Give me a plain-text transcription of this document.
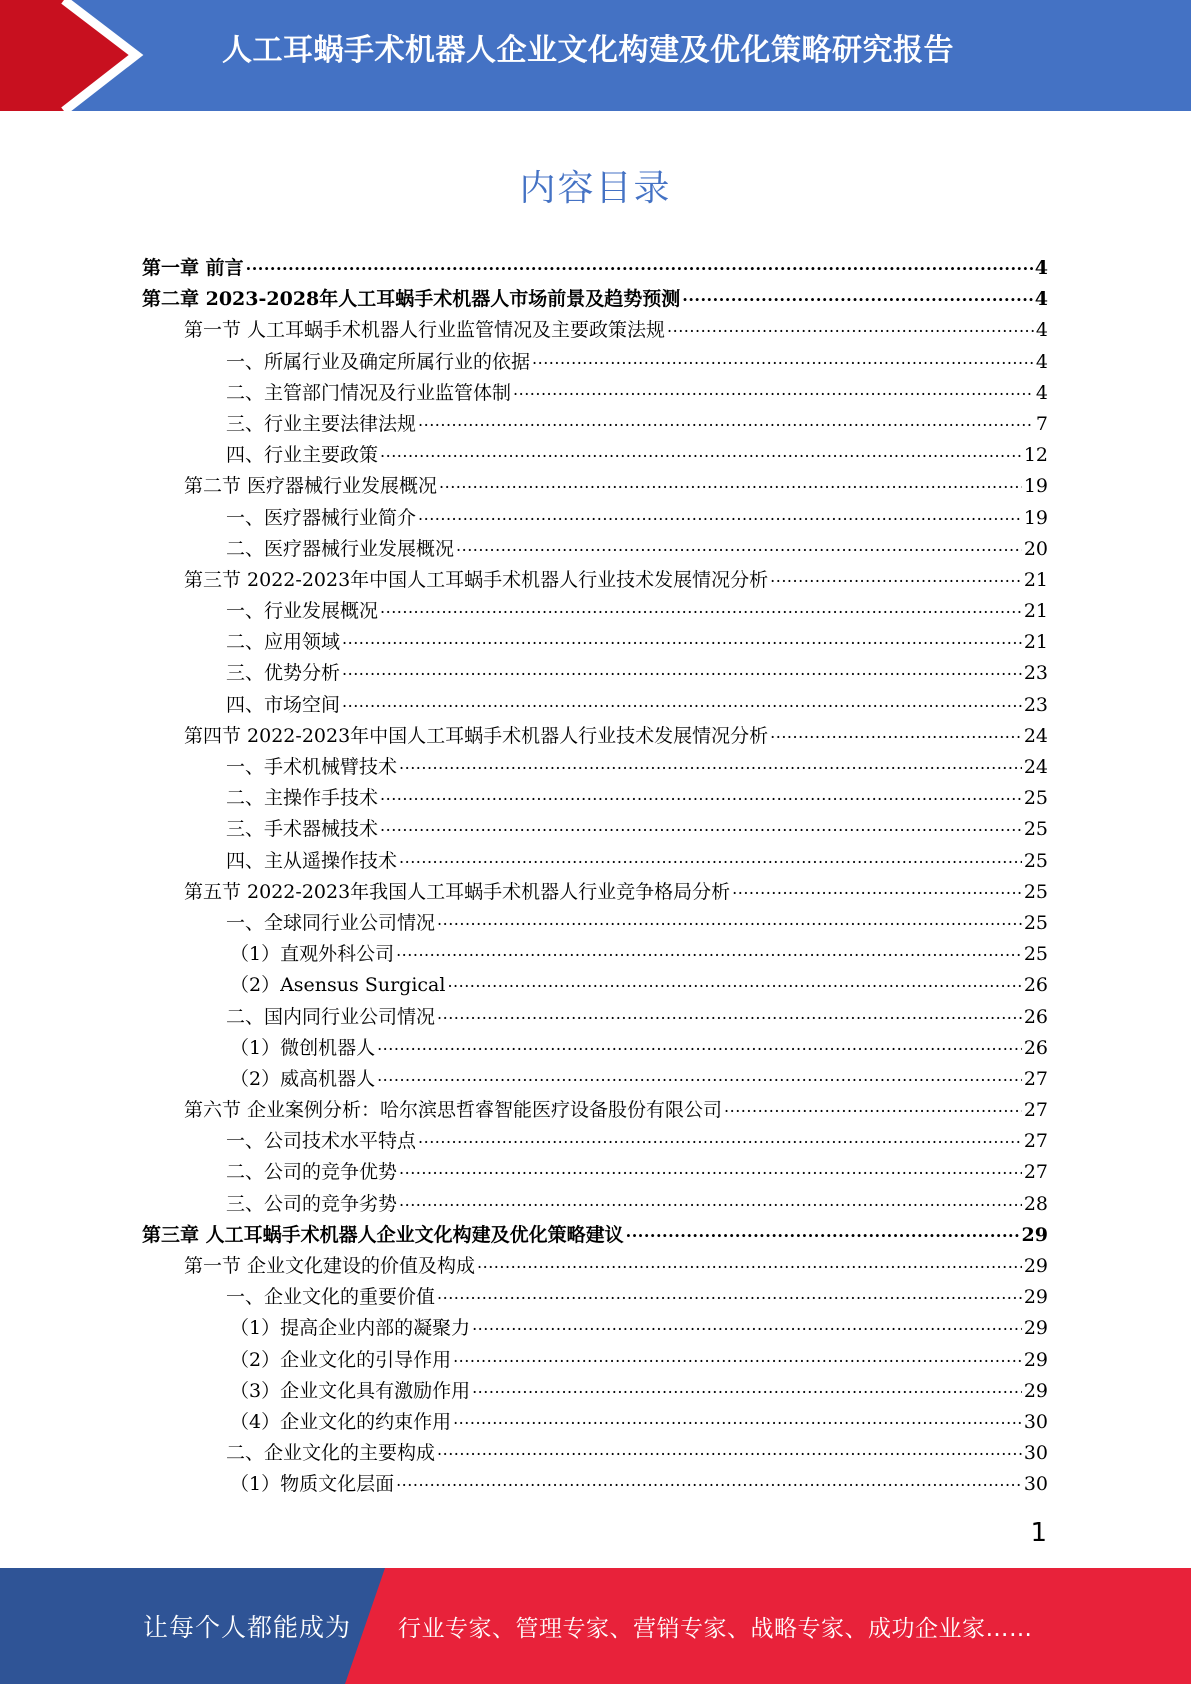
人工耳蜗手术机器人企业文化构建及优化策略研究报告
内容目录
第一章 前言 .....	4
第二章 2023-2028年人工耳蜗手术机器人市场前景及趋势预测 .....	4
第一节 人工耳蜗手术机器人行业监管情况及主要政策法规 .....	4
一、所属行业及确定所属行业的依据 .....	4
二、主管部门情况及行业监管体制 .....	4
三、行业主要法律法规 .....	7
四、行业主要政策 .....	12
第二节 医疗器械行业发展概况 .....	19
一、医疗器械行业简介 .....	19
二、医疗器械行业发展概况 .....	20
第三节 2022-2023年中国人工耳蜗手术机器人行业技术发展情况分析 .....	21
一、行业发展概况 .....	21
二、应用领域 .....	21
三、优势分析 .....	23
四、市场空间 .....	23
第四节 2022-2023年中国人工耳蜗手术机器人行业技术发展情况分析 .....	24
一、手术机械臂技术 .....	24
二、主操作手技术 .....	25
三、手术器械技术 .....	25
四、主从遥操作技术 .....	25
第五节 2022-2023年我国人工耳蜗手术机器人行业竞争格局分析 .....	25
一、全球同行业公司情况 .....	25
（1）直观外科公司 .....	25
（2）Asensus Surgical .....	26
二、国内同行业公司情况 .....	26
（1）微创机器人 .....	26
（2）威高机器人 .....	27
第六节 企业案例分析：哈尔滨思哲睿智能医疗设备股份有限公司 .....	27
一、公司技术水平特点 .....	27
二、公司的竞争优势 .....	27
三、公司的竞争劣势 .....	28
第三章 人工耳蜗手术机器人企业文化构建及优化策略建议 .....	29
第一节 企业文化建设的价值及构成 .....	29
一、企业文化的重要价值 .....	29
（1）提高企业内部的凝聚力 .....	29
（2）企业文化的引导作用 .....	29
（3）企业文化具有激励作用 .....	29
（4）企业文化的约束作用 .....	30
二、企业文化的主要构成 .....	30
（1）物质文化层面 .....	30
1
让每个人都能成为 行业专家、管理专家、营销专家、战略专家、成功企业家……
